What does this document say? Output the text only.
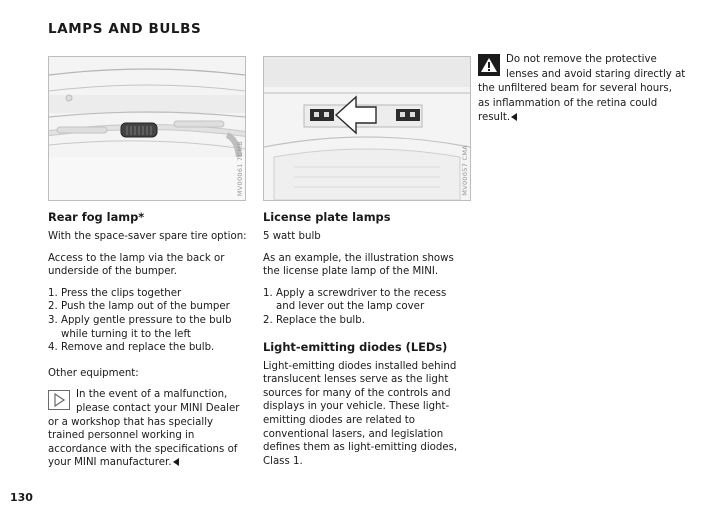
LAMPS AND BULBS
MV00061 7CMB	MV00057 CMA
Do not remove the protective lenses and avoid staring directly at the unfiltered beam for several hours, as inflammation of the retina could result.
Rear fog lamp*

With the space-saver spare tire option:

Access to the lamp via the back or underside of the bumper.

1. Press the clips together
2. Push the lamp out of the bumper
3. Apply gentle pressure to the bulb while turning it to the left
4. Remove and replace the bulb.

Other equipment:

In the event of a malfunction, please contact your MINI Dealer or a workshop that has specially trained personnel working in accordance with the specifications of your MINI manufacturer.
License plate lamps

5 watt bulb

As an example, the illustration shows the license plate lamp of the MINI.

1. Apply a screwdriver to the recess and lever out the lamp cover
2. Replace the bulb.
Light-emitting diodes (LEDs)

Light-emitting diodes installed behind translucent lenses serve as the light sources for many of the controls and displays in your vehicle. These light-emitting diodes are related to conventional lasers, and legislation defines them as light-emitting diodes, Class 1.

130
